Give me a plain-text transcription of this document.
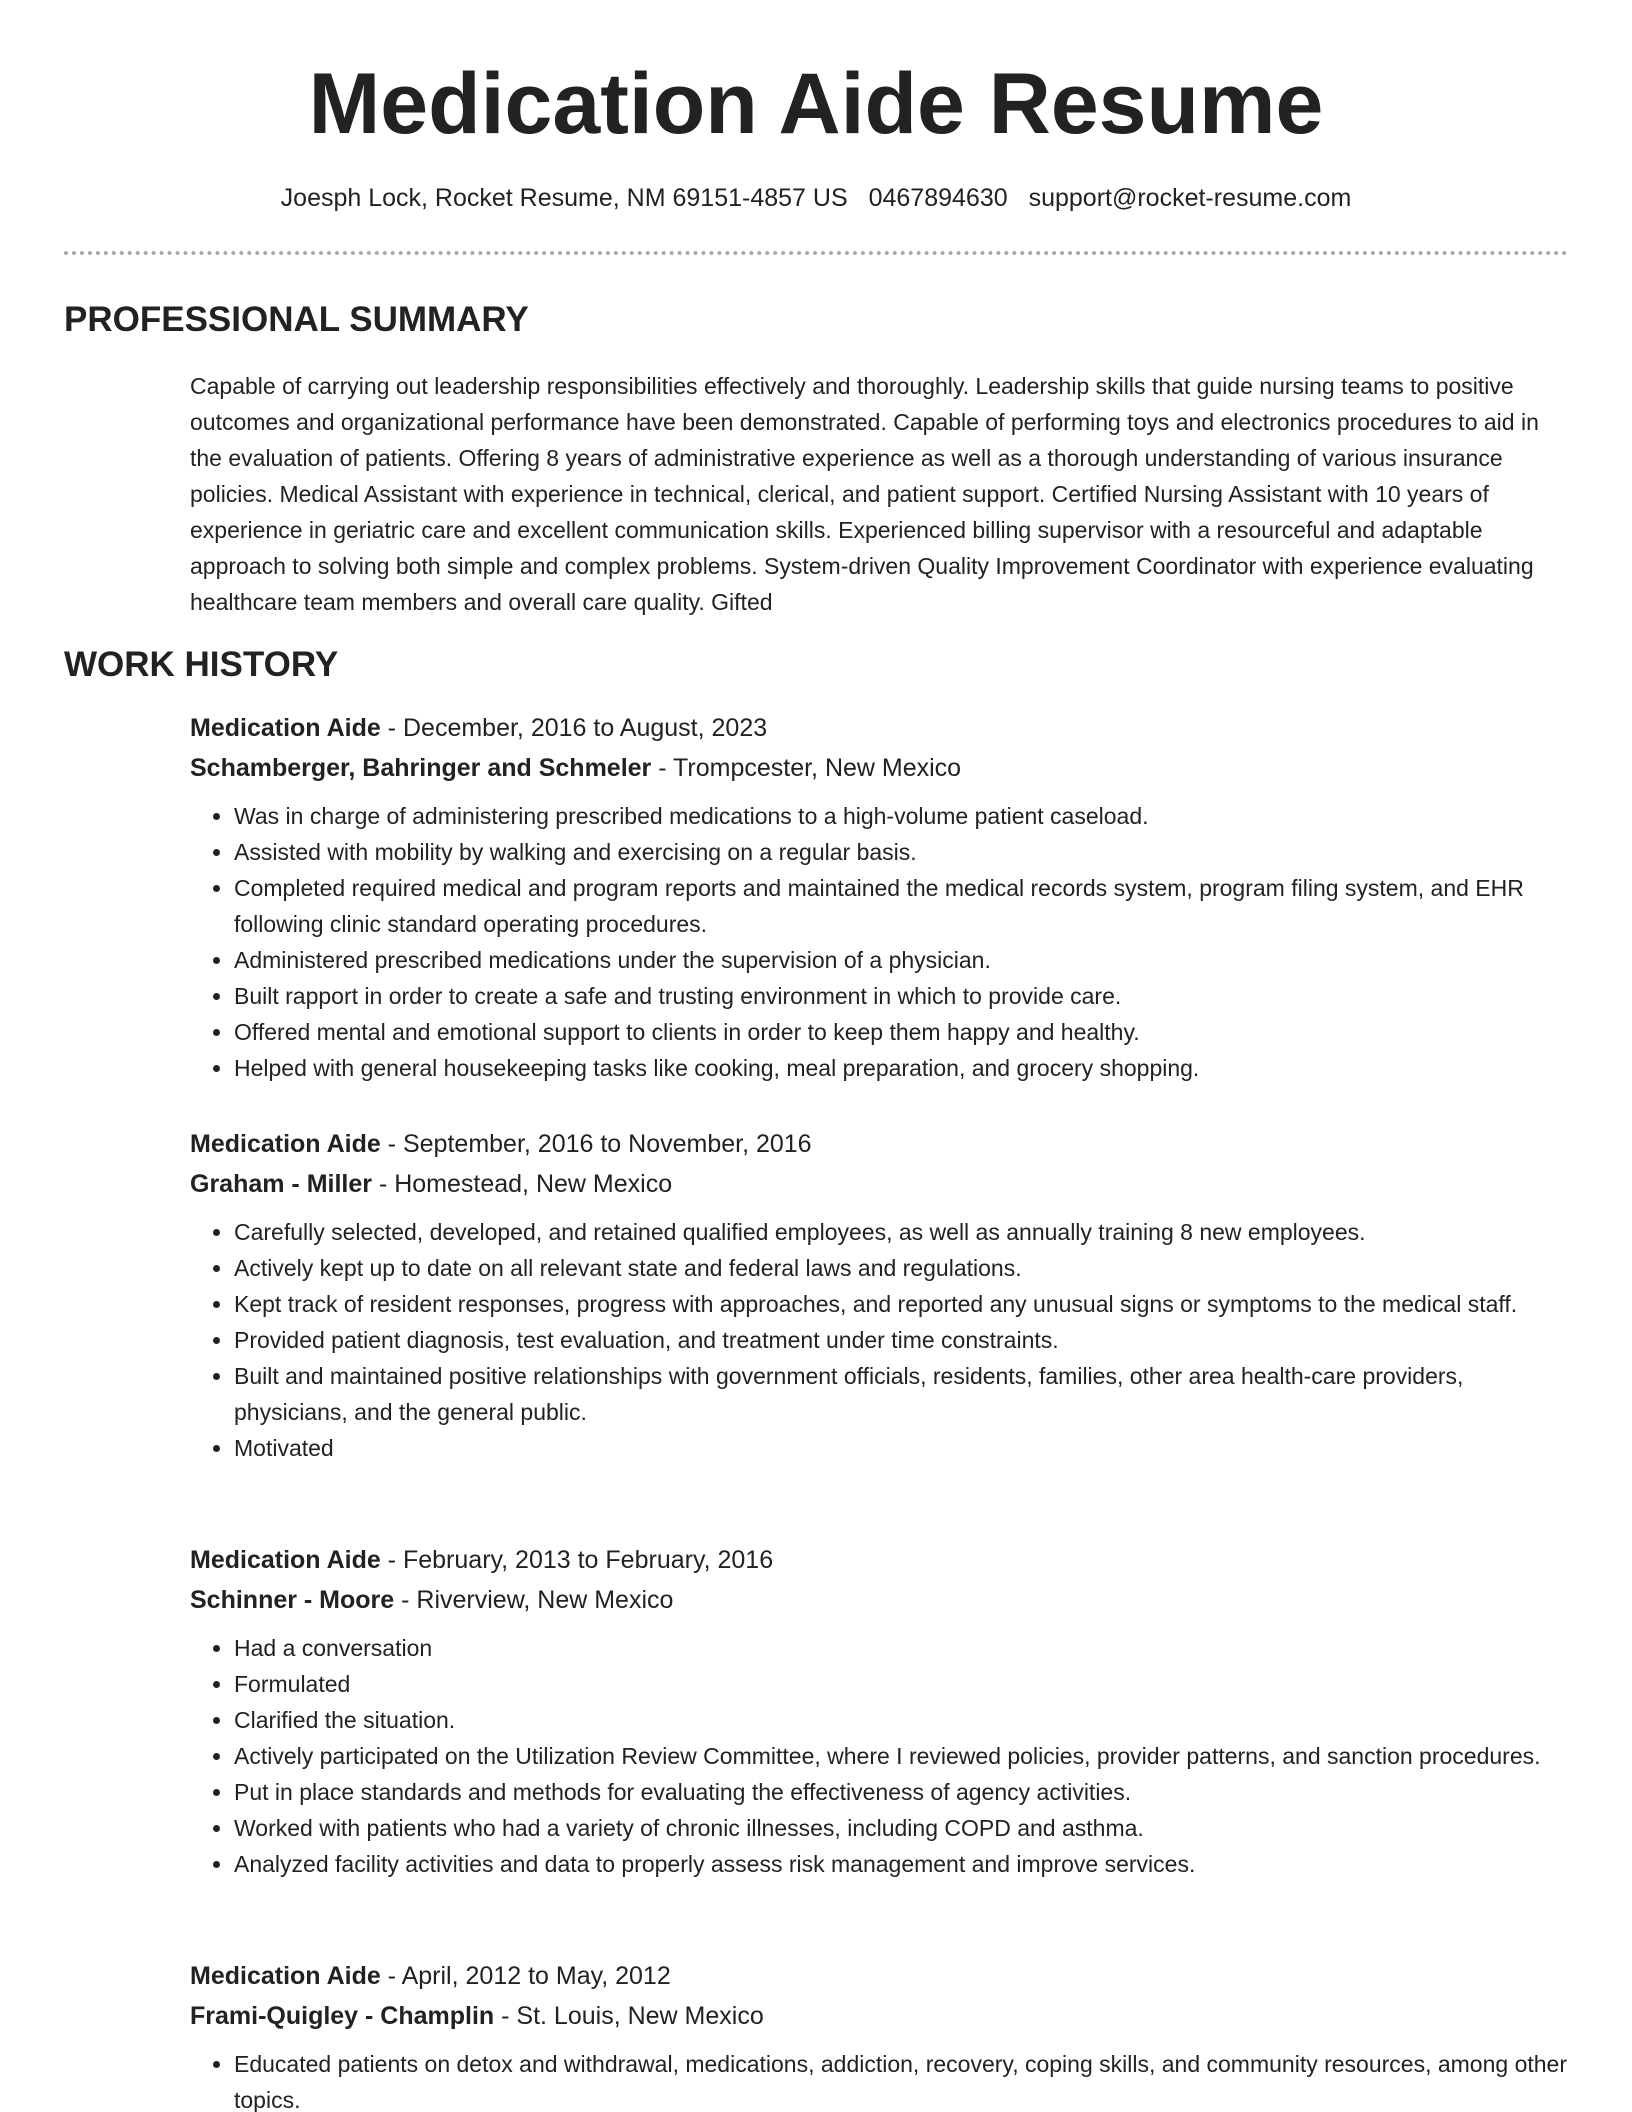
Medication Aide Resume
Joesph Lock, Rocket Resume, NM 69151-4857 US 0467894630 support@rocket-resume.com
PROFESSIONAL SUMMARY

Capable of carrying out leadership responsibilities effectively and thoroughly. Leadership skills that guide nursing teams to positive outcomes and organizational performance have been demonstrated. Capable of performing toys and electronics procedures to aid in the evaluation of patients. Offering 8 years of administrative experience as well as a thorough understanding of various insurance policies. Medical Assistant with experience in technical, clerical, and patient support. Certified Nursing Assistant with 10 years of experience in geriatric care and excellent communication skills. Experienced billing supervisor with a resourceful and adaptable approach to solving both simple and complex problems. System-driven Quality Improvement Coordinator with experience evaluating healthcare team members and overall care quality. Gifted

WORK HISTORY

Medication Aide - December, 2016 to August, 2023

Schamberger, Bahringer and Schmeler - Trompcester, New Mexico

• Was in charge of administering prescribed medications to a high-volume patient caseload.
• Assisted with mobility by walking and exercising on a regular basis.
• Completed required medical and program reports and maintained the medical records system, program filing system, and EHR following clinic standard operating procedures.
• Administered prescribed medications under the supervision of a physician.
• Built rapport in order to create a safe and trusting environment in which to provide care.
• Offered mental and emotional support to clients in order to keep them happy and healthy.
• Helped with general housekeeping tasks like cooking, meal preparation, and grocery shopping.

Medication Aide - September, 2016 to November, 2016

Graham - Miller - Homestead, New Mexico

• Carefully selected, developed, and retained qualified employees, as well as annually training 8 new employees.
• Actively kept up to date on all relevant state and federal laws and regulations.
• Kept track of resident responses, progress with approaches, and reported any unusual signs or symptoms to the medical staff.
• Provided patient diagnosis, test evaluation, and treatment under time constraints.
• Built and maintained positive relationships with government officials, residents, families, other area health-care providers, physicians, and the general public.
• Motivated

Medication Aide - February, 2013 to February, 2016

Schinner - Moore - Riverview, New Mexico

• Had a conversation
• Formulated
• Clarified the situation.
• Actively participated on the Utilization Review Committee, where I reviewed policies, provider patterns, and sanction procedures.
• Put in place standards and methods for evaluating the effectiveness of agency activities.
• Worked with patients who had a variety of chronic illnesses, including COPD and asthma.
• Analyzed facility activities and data to properly assess risk management and improve services.

Medication Aide - April, 2012 to May, 2012

Frami-Quigley - Champlin - St. Louis, New Mexico

• Educated patients on detox and withdrawal, medications, addiction, recovery, coping skills, and community resources, among other topics.
